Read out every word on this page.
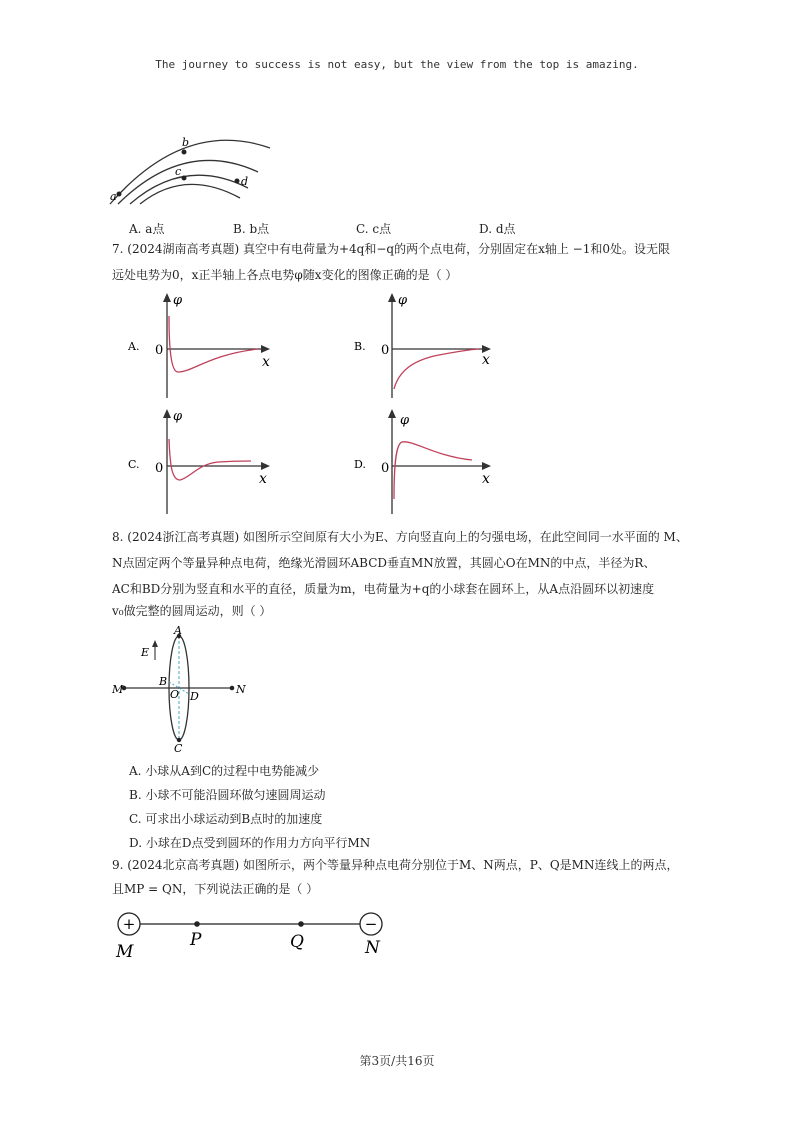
The journey to success is not easy, but the view from the top is amazing.
b
a
c
d
A. a点	B. b点	C. c点	D. d点
7. (2024湖南高考真题) 真空中有电荷量为+4q和−q的两个点电荷，分别固定在x轴上 −1和0处。设无限
远处电势为0，x正半轴上各点电势φ随x变化的图像正确的是（ ）
A.
φ
0
x
B.
φ
0
x
C.
φ
0
x
D.
φ
0
x
8. (2024浙江高考真题) 如图所示空间原有大小为E、方向竖直向上的匀强电场，在此空间同一水平面的 M、
N点固定两个等量异种点电荷，绝缘光滑圆环ABCD垂直MN放置，其圆心O在MN的中点，半径为R、
AC和BD分别为竖直和水平的直径，质量为m，电荷量为+q的小球套在圆环上，从A点沿圆环以初速度
v₀做完整的圆周运动，则（ ）
A
C
B
O D
M	N
E
A. 小球从A到C的过程中电势能减少
B. 小球不可能沿圆环做匀速圆周运动
C. 可求出小球运动到B点时的加速度
D. 小球在D点受到圆环的作用力方向平行MN
9. (2024北京高考真题) 如图所示，两个等量异种点电荷分别位于M、N两点，P、Q是MN连线上的两点，
且MP = QN，下列说法正确的是（ ）
+	−
M
P	Q	N
第3页/共16页
